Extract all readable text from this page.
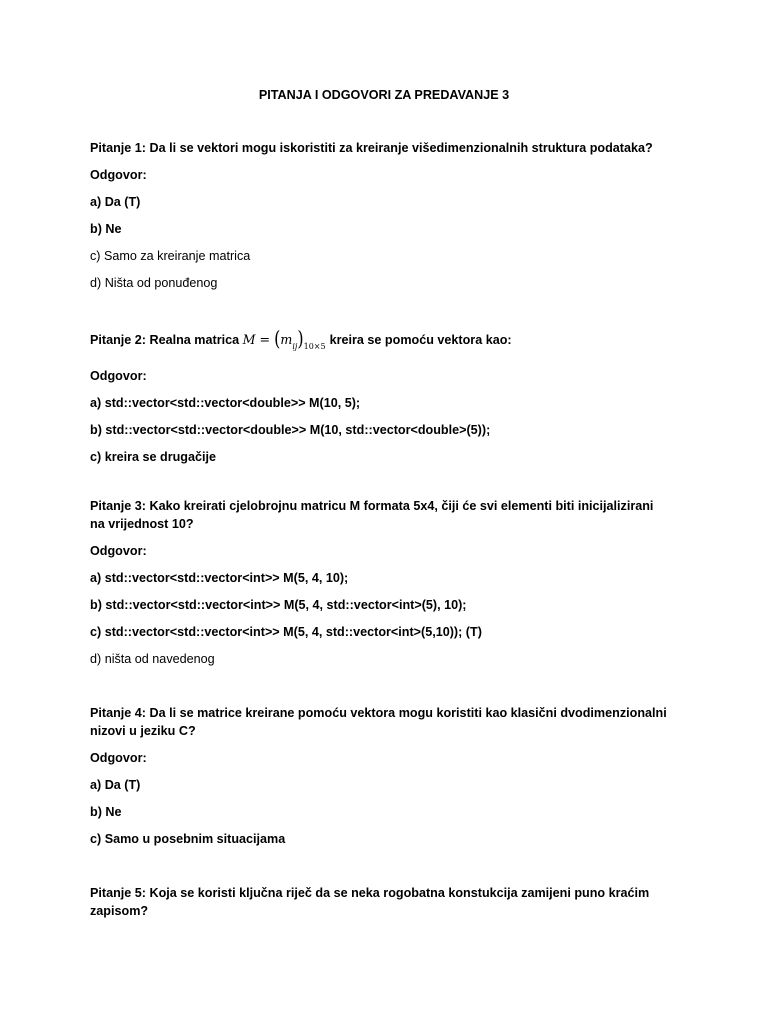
PITANJA I ODGOVORI ZA PREDAVANJE 3

Pitanje 1: Da li se vektori mogu iskoristiti za kreiranje višedimenzionalnih struktura podataka?

Odgovor:

a) Da (T)

b) Ne

c) Samo za kreiranje matrica

d) Ništa od ponuđenog

Pitanje 2: Realna matrica $M = (m_{ij})_{10\times 5}$ kreira se pomoću vektora kao:

Odgovor:

a) std::vector<std::vector<double>> M(10, 5);

b) std::vector<std::vector<double>> M(10, std::vector<double>(5));

c) kreira se drugačije

Pitanje 3: Kako kreirati cjelobrojnu matricu M formata 5x4, čiji će svi elementi biti inicijalizirani na vrijednost 10?

Odgovor:

a) std::vector<std::vector<int>> M(5, 4, 10);

b) std::vector<std::vector<int>> M(5, 4, std::vector<int>(5), 10);

c) std::vector<std::vector<int>> M(5, 4, std::vector<int>(5,10)); (T)

d) ništa od navedenog

Pitanje 4: Da li se matrice kreirane pomoću vektora mogu koristiti kao klasični dvodimenzionalni nizovi u jeziku C?

Odgovor:

a) Da (T)

b) Ne

c) Samo u posebnim situacijama

Pitanje 5: Koja se koristi ključna riječ da se neka rogobatna konstukcija zamijeni puno kraćim zapisom?
